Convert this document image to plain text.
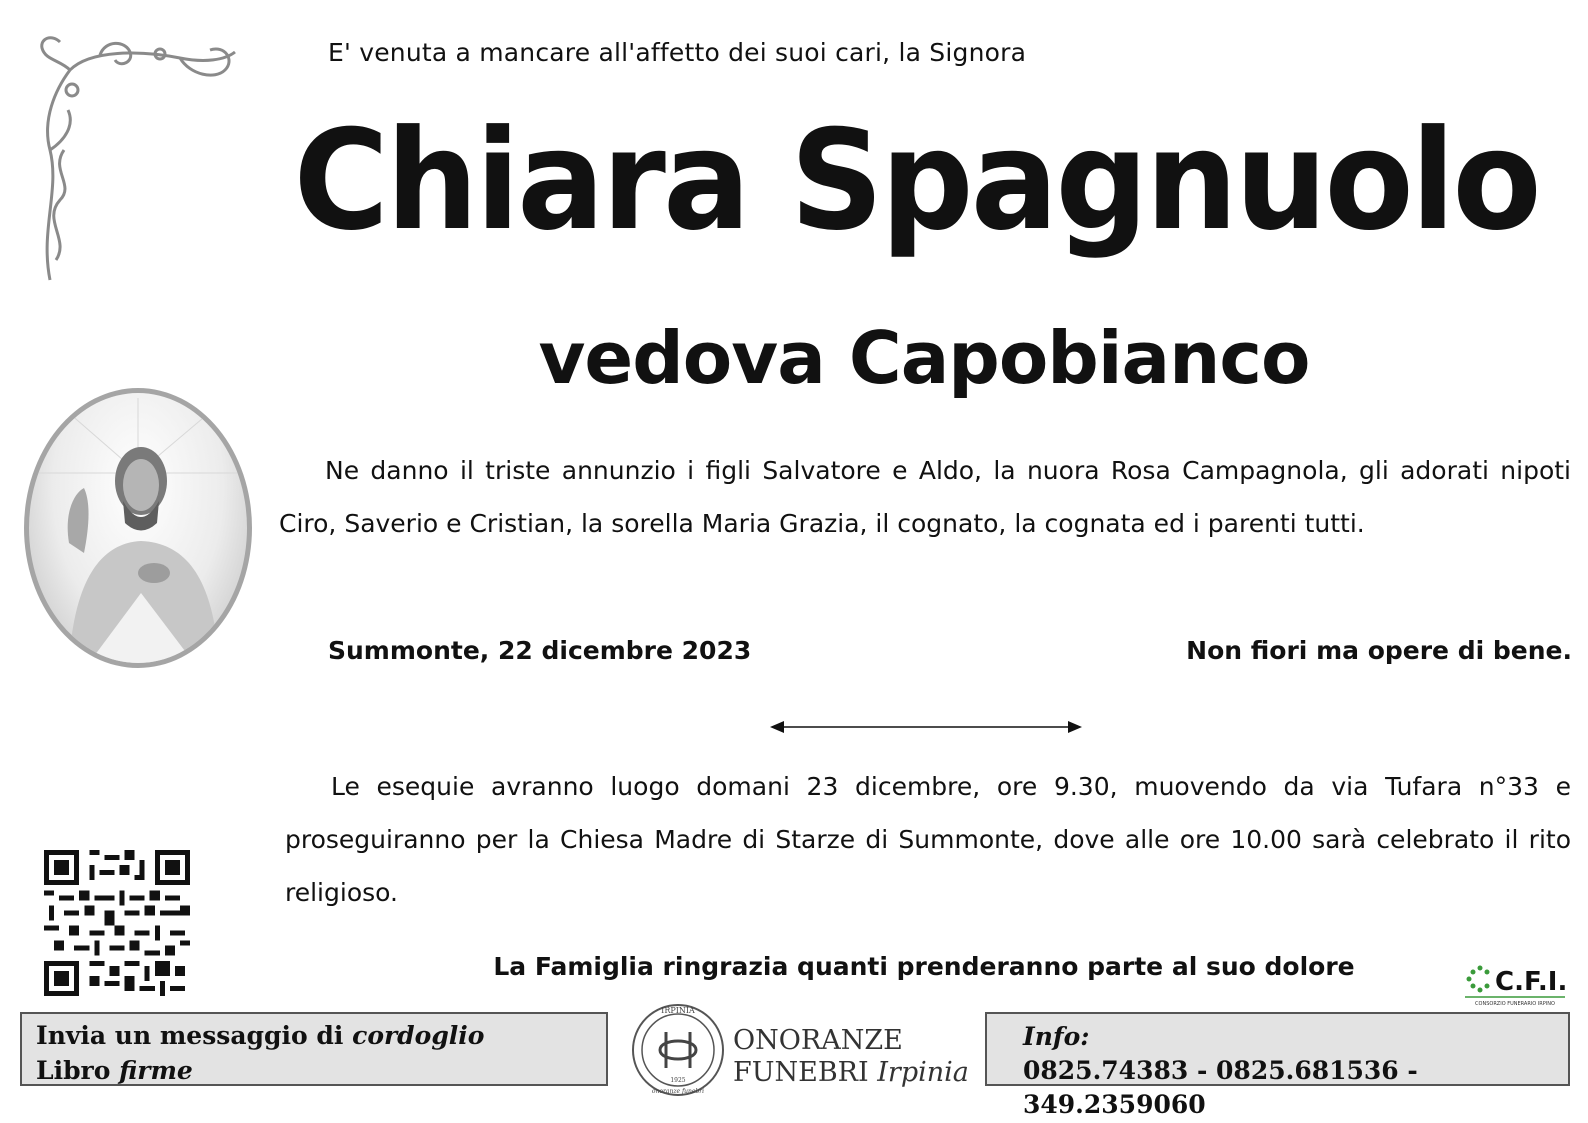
E' venuta a mancare all'affetto dei suoi cari, la Signora
Chiara Spagnuolo
vedova Capobianco
Ne danno il triste annunzio i figli Salvatore e Aldo, la nuora Rosa Campagnola, gli adorati nipoti Ciro, Saverio e Cristian, la sorella Maria Grazia, il cognato, la cognata ed i parenti tutti.
Summonte, 22 dicembre 2023	Non fiori ma opere di bene.
Le esequie avranno luogo domani 23 dicembre, ore 9.30, muovendo da via Tufara n°33 e proseguiranno per la Chiesa Madre di Starze di Summonte, dove alle ore 10.00 sarà celebrato il rito religioso.
La Famiglia ringrazia quanti prenderanno parte al suo dolore
C.F.I.
CONSORZIO FUNERARIO IRPINO
Invia un messaggio di cordoglio
Libro firme
IRPINIA
1925
onoranze funebri
ONORANZE
FUNEBRI Irpinia
Info:
0825.74383 - 0825.681536 - 349.2359060
